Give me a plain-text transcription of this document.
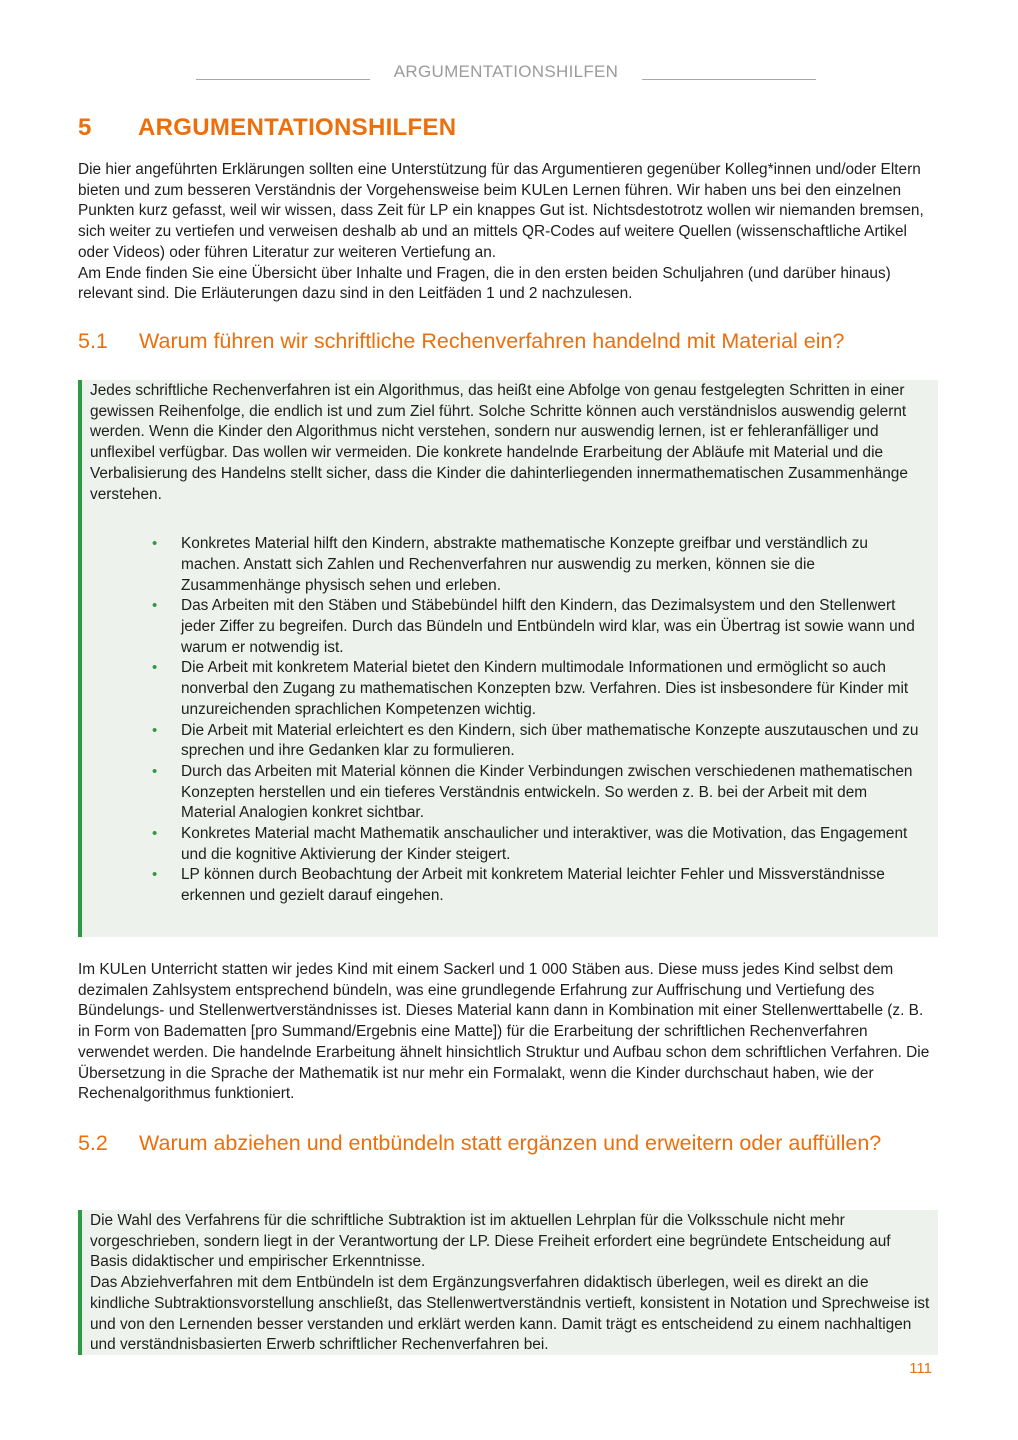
ARGUMENTATIONSHILFEN
5	ARGUMENTATIONSHILFEN
Die hier angeführten Erklärungen sollten eine Unterstützung für das Argumentieren gegenüber Kolleg*innen und/oder Eltern bieten und zum besseren Verständnis der Vorgehensweise beim KULen Lernen führen. Wir haben uns bei den einzelnen Punkten kurz gefasst, weil wir wissen, dass Zeit für LP ein knappes Gut ist. Nichtsdestotrotz wollen wir niemanden bremsen, sich weiter zu vertiefen und verweisen deshalb ab und an mittels QR-Codes auf weitere Quellen (wissenschaftliche Artikel oder Videos) oder führen Literatur zur weiteren Vertiefung an.
Am Ende finden Sie eine Übersicht über Inhalte und Fragen, die in den ersten beiden Schuljahren (und darüber hinaus) relevant sind. Die Erläuterungen dazu sind in den Leitfäden 1 und 2 nachzulesen.
5.1	Warum führen wir schriftliche Rechenverfahren handelnd mit Material ein?

Jedes schriftliche Rechenverfahren ist ein Algorithmus, das heißt eine Abfolge von genau festgelegten Schritten in einer gewissen Reihenfolge, die endlich ist und zum Ziel führt. Solche Schritte können auch verständnislos auswendig gelernt werden. Wenn die Kinder den Algorithmus nicht verstehen, sondern nur auswendig lernen, ist er fehleranfälliger und unflexibel verfügbar. Das wollen wir vermeiden. Die konkrete handelnde Erarbeitung der Abläufe mit Material und die Verbalisierung des Handelns stellt sicher, dass die Kinder die dahinterliegenden innermathematischen Zusammenhänge verstehen.

• Konkretes Material hilft den Kindern, abstrakte mathematische Konzepte greifbar und verständlich zu machen. Anstatt sich Zahlen und Rechenverfahren nur auswendig zu merken, können sie die Zusammenhänge physisch sehen und erleben.
• Das Arbeiten mit den Stäben und Stäbebündel hilft den Kindern, das Dezimalsystem und den Stellenwert jeder Ziffer zu begreifen. Durch das Bündeln und Entbündeln wird klar, was ein Übertrag ist sowie wann und warum er notwendig ist.
• Die Arbeit mit konkretem Material bietet den Kindern multimodale Informationen und ermöglicht so auch nonverbal den Zugang zu mathematischen Konzepten bzw. Verfahren. Dies ist insbesondere für Kinder mit unzureichenden sprachlichen Kompetenzen wichtig.
• Die Arbeit mit Material erleichtert es den Kindern, sich über mathematische Konzepte auszutauschen und zu sprechen und ihre Gedanken klar zu formulieren.
• Durch das Arbeiten mit Material können die Kinder Verbindungen zwischen verschiedenen mathematischen Konzepten herstellen und ein tieferes Verständnis entwickeln. So werden z. B. bei der Arbeit mit dem Material Analogien konkret sichtbar.
• Konkretes Material macht Mathematik anschaulicher und interaktiver, was die Motivation, das Engagement und die kognitive Aktivierung der Kinder steigert.
• LP können durch Beobachtung der Arbeit mit konkretem Material leichter Fehler und Missverständnisse erkennen und gezielt darauf eingehen.
Im KULen Unterricht statten wir jedes Kind mit einem Sackerl und 1 000 Stäben aus. Diese muss jedes Kind selbst dem dezimalen Zahlsystem entsprechend bündeln, was eine grundlegende Erfahrung zur Auffrischung und Vertiefung des Bündelungs- und Stellenwertverständnisses ist. Dieses Material kann dann in Kombination mit einer Stellenwerttabelle (z. B. in Form von Badematten [pro Summand/Ergebnis eine Matte]) für die Erarbeitung der schriftlichen Rechenverfahren verwendet werden. Die handelnde Erarbeitung ähnelt hinsichtlich Struktur und Aufbau schon dem schriftlichen Verfahren. Die Übersetzung in die Sprache der Mathematik ist nur mehr ein Formalakt, wenn die Kinder durchschaut haben, wie der Rechenalgorithmus funktioniert.
5.2	Warum abziehen und entbündeln statt ergänzen und erweitern oder auffüllen?

Die Wahl des Verfahrens für die schriftliche Subtraktion ist im aktuellen Lehrplan für die Volksschule nicht mehr vorgeschrieben, sondern liegt in der Verantwortung der LP. Diese Freiheit erfordert eine begründete Entscheidung auf Basis didaktischer und empirischer Erkenntnisse.

Das Abziehverfahren mit dem Entbündeln ist dem Ergänzungsverfahren didaktisch überlegen, weil es direkt an die kindliche Subtraktionsvorstellung anschließt, das Stellenwertverständnis vertieft, konsistent in Notation und Sprechweise ist und von den Lernenden besser verstanden und erklärt werden kann. Damit trägt es entscheidend zu einem nachhaltigen und verständnisbasierten Erwerb schriftlicher Rechenverfahren bei.

111
